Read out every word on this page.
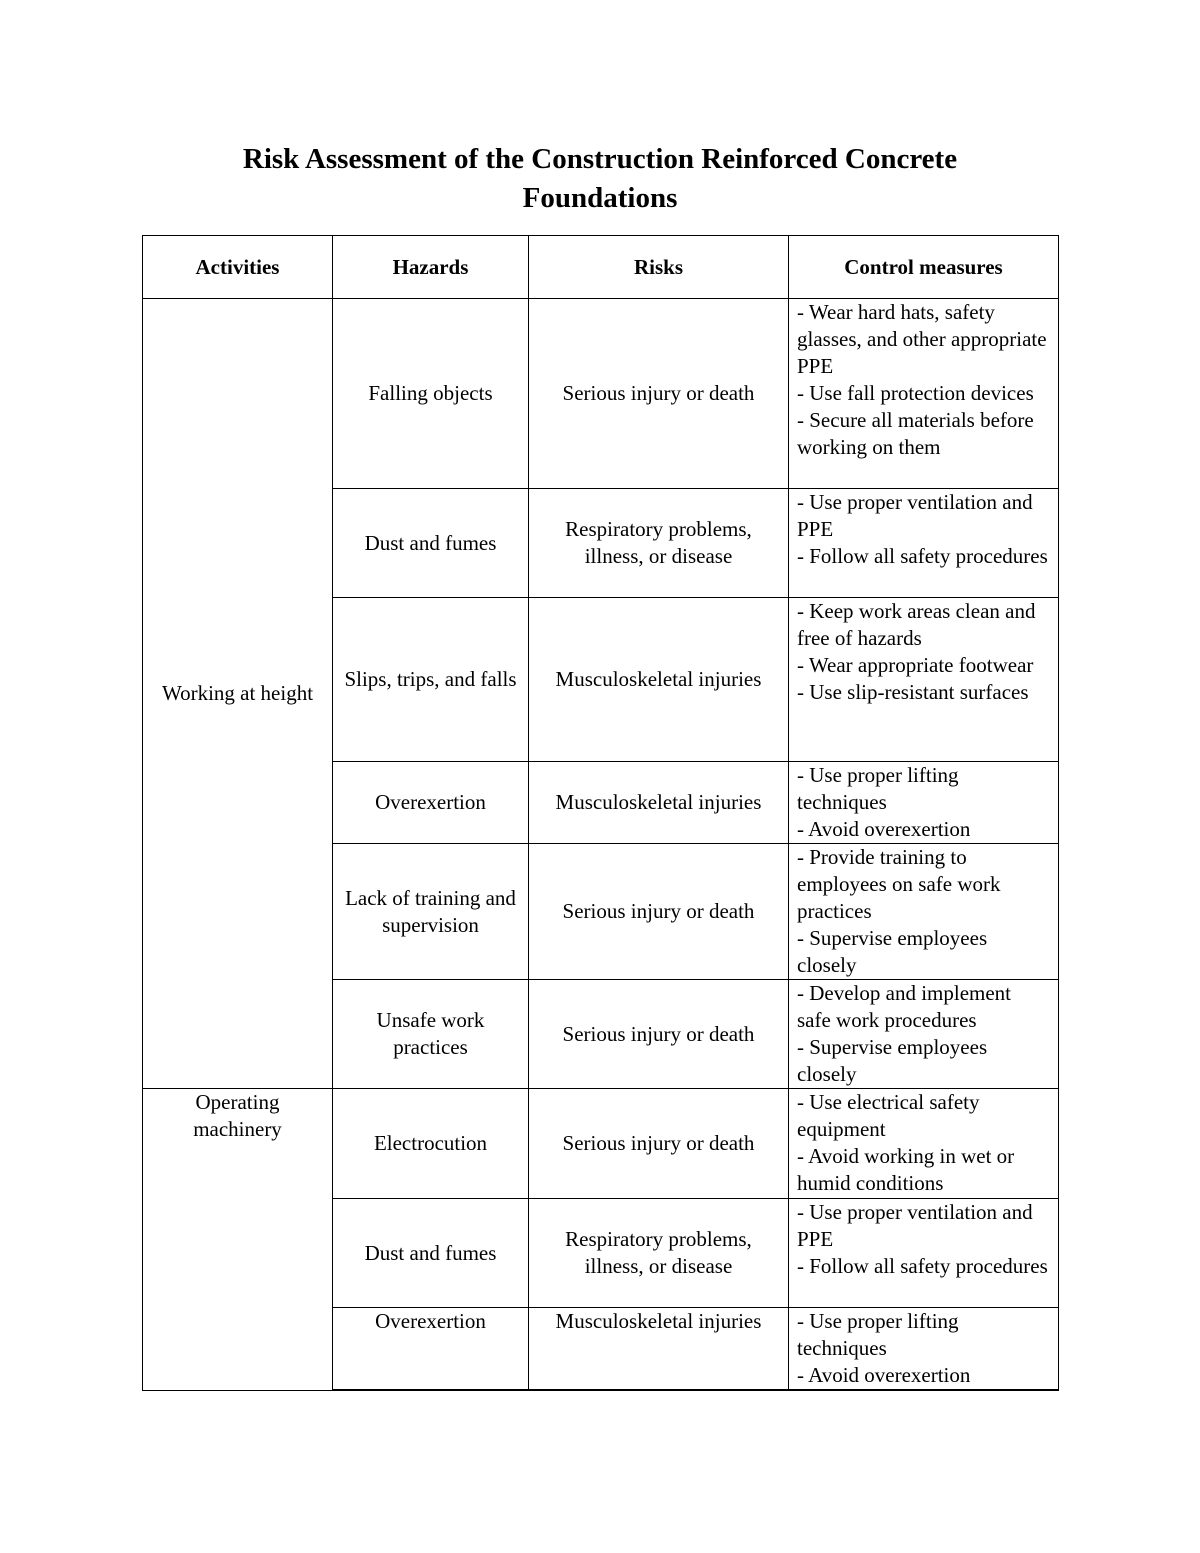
Risk Assessment of the Construction Reinforced Concrete
Foundations
Activities	Hazards	Risks	Control measures
Working at height	Falling objects	Serious injury or death	- Wear hard hats, safety glasses, and other appropriate PPE
- Use fall protection devices
- Secure all materials before working on them

	Dust and fumes	Respiratory problems, illness, or disease	- Use proper ventilation and PPE
- Follow all safety procedures

	Slips, trips, and falls	Musculoskeletal injuries	- Keep work areas clean and free of hazards
- Wear appropriate footwear
- Use slip-resistant surfaces

	Overexertion	Musculoskeletal injuries	- Use proper lifting techniques
- Avoid overexertion

	Lack of training and supervision	Serious injury or death	- Provide training to employees on safe work practices
- Supervise employees closely

	Unsafe work practices	Serious injury or death	- Develop and implement safe work procedures
- Supervise employees closely

Operating machinery	Electrocution	Serious injury or death	- Use electrical safety equipment
- Avoid working in wet or humid conditions

	Dust and fumes	Respiratory problems, illness, or disease	- Use proper ventilation and PPE
- Follow all safety procedures

	Overexertion	Musculoskeletal injuries	- Use proper lifting techniques
- Avoid overexertion
